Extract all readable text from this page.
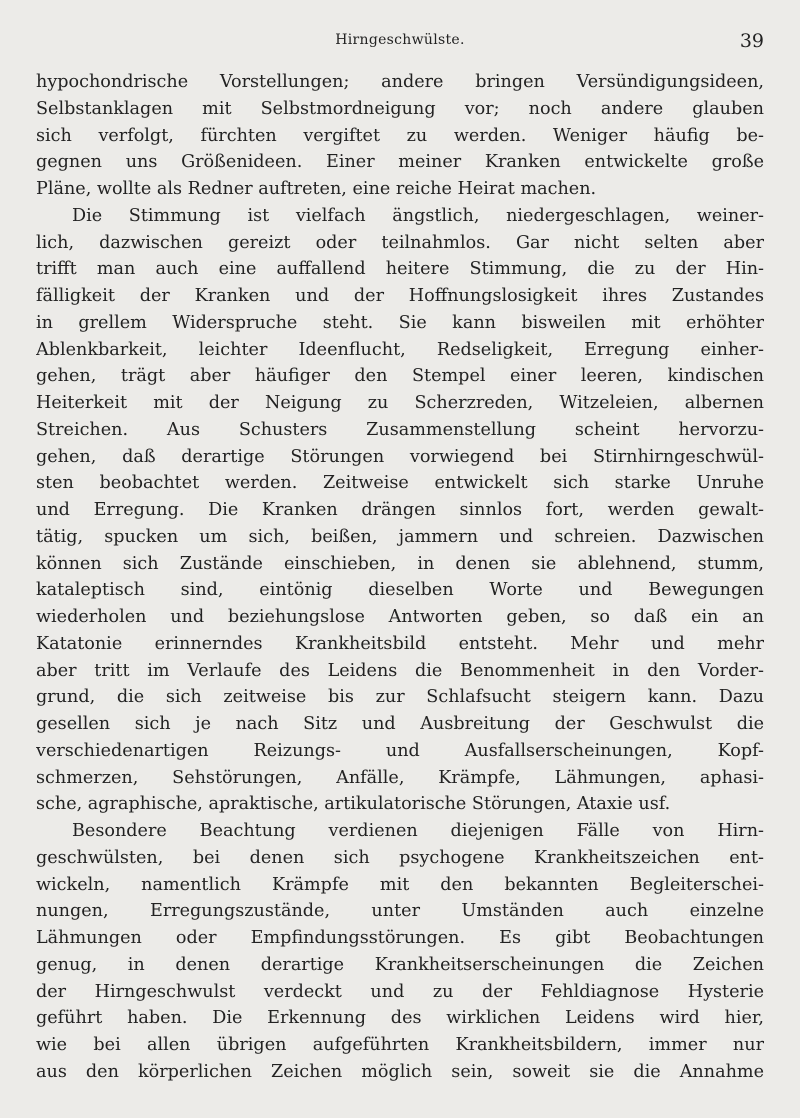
Hirngeschwülste.	39
hypochondrische Vorstellungen; andere bringen Versündigungsideen,
Selbstanklagen mit Selbstmordneigung vor; noch andere glauben
sich verfolgt, fürchten vergiftet zu werden. Weniger häufig be-
gegnen uns Größenideen. Einer meiner Kranken entwickelte große
Pläne, wollte als Redner auftreten, eine reiche Heirat machen.
Die Stimmung ist vielfach ängstlich, niedergeschlagen, weiner-
lich, dazwischen gereizt oder teilnahmlos. Gar nicht selten aber
trifft man auch eine auffallend heitere Stimmung, die zu der Hin-
fälligkeit der Kranken und der Hoffnungslosigkeit ihres Zustandes
in grellem Widerspruche steht. Sie kann bisweilen mit erhöhter
Ablenkbarkeit, leichter Ideenflucht, Redseligkeit, Erregung einher-
gehen, trägt aber häufiger den Stempel einer leeren, kindischen
Heiterkeit mit der Neigung zu Scherzreden, Witzeleien, albernen
Streichen. Aus Schusters Zusammenstellung scheint hervorzu-
gehen, daß derartige Störungen vorwiegend bei Stirnhirngeschwül-
sten beobachtet werden. Zeitweise entwickelt sich starke Unruhe
und Erregung. Die Kranken drängen sinnlos fort, werden gewalt-
tätig, spucken um sich, beißen, jammern und schreien. Dazwischen
können sich Zustände einschieben, in denen sie ablehnend, stumm,
kataleptisch sind, eintönig dieselben Worte und Bewegungen
wiederholen und beziehungslose Antworten geben, so daß ein an
Katatonie erinnerndes Krankheitsbild entsteht. Mehr und mehr
aber tritt im Verlaufe des Leidens die Benommenheit in den Vorder-
grund, die sich zeitweise bis zur Schlafsucht steigern kann. Dazu
gesellen sich je nach Sitz und Ausbreitung der Geschwulst die
verschiedenartigen Reizungs- und Ausfallserscheinungen, Kopf-
schmerzen, Sehstörungen, Anfälle, Krämpfe, Lähmungen, aphasi-
sche, agraphische, apraktische, artikulatorische Störungen, Ataxie usf.
Besondere Beachtung verdienen diejenigen Fälle von Hirn-
geschwülsten, bei denen sich psychogene Krankheitszeichen ent-
wickeln, namentlich Krämpfe mit den bekannten Begleiterschei-
nungen, Erregungszustände, unter Umständen auch einzelne
Lähmungen oder Empfindungsstörungen. Es gibt Beobachtungen
genug, in denen derartige Krankheitserscheinungen die Zeichen
der Hirngeschwulst verdeckt und zu der Fehldiagnose Hysterie
geführt haben. Die Erkennung des wirklichen Leidens wird hier,
wie bei allen übrigen aufgeführten Krankheitsbildern, immer nur
aus den körperlichen Zeichen möglich sein, soweit sie die Annahme
